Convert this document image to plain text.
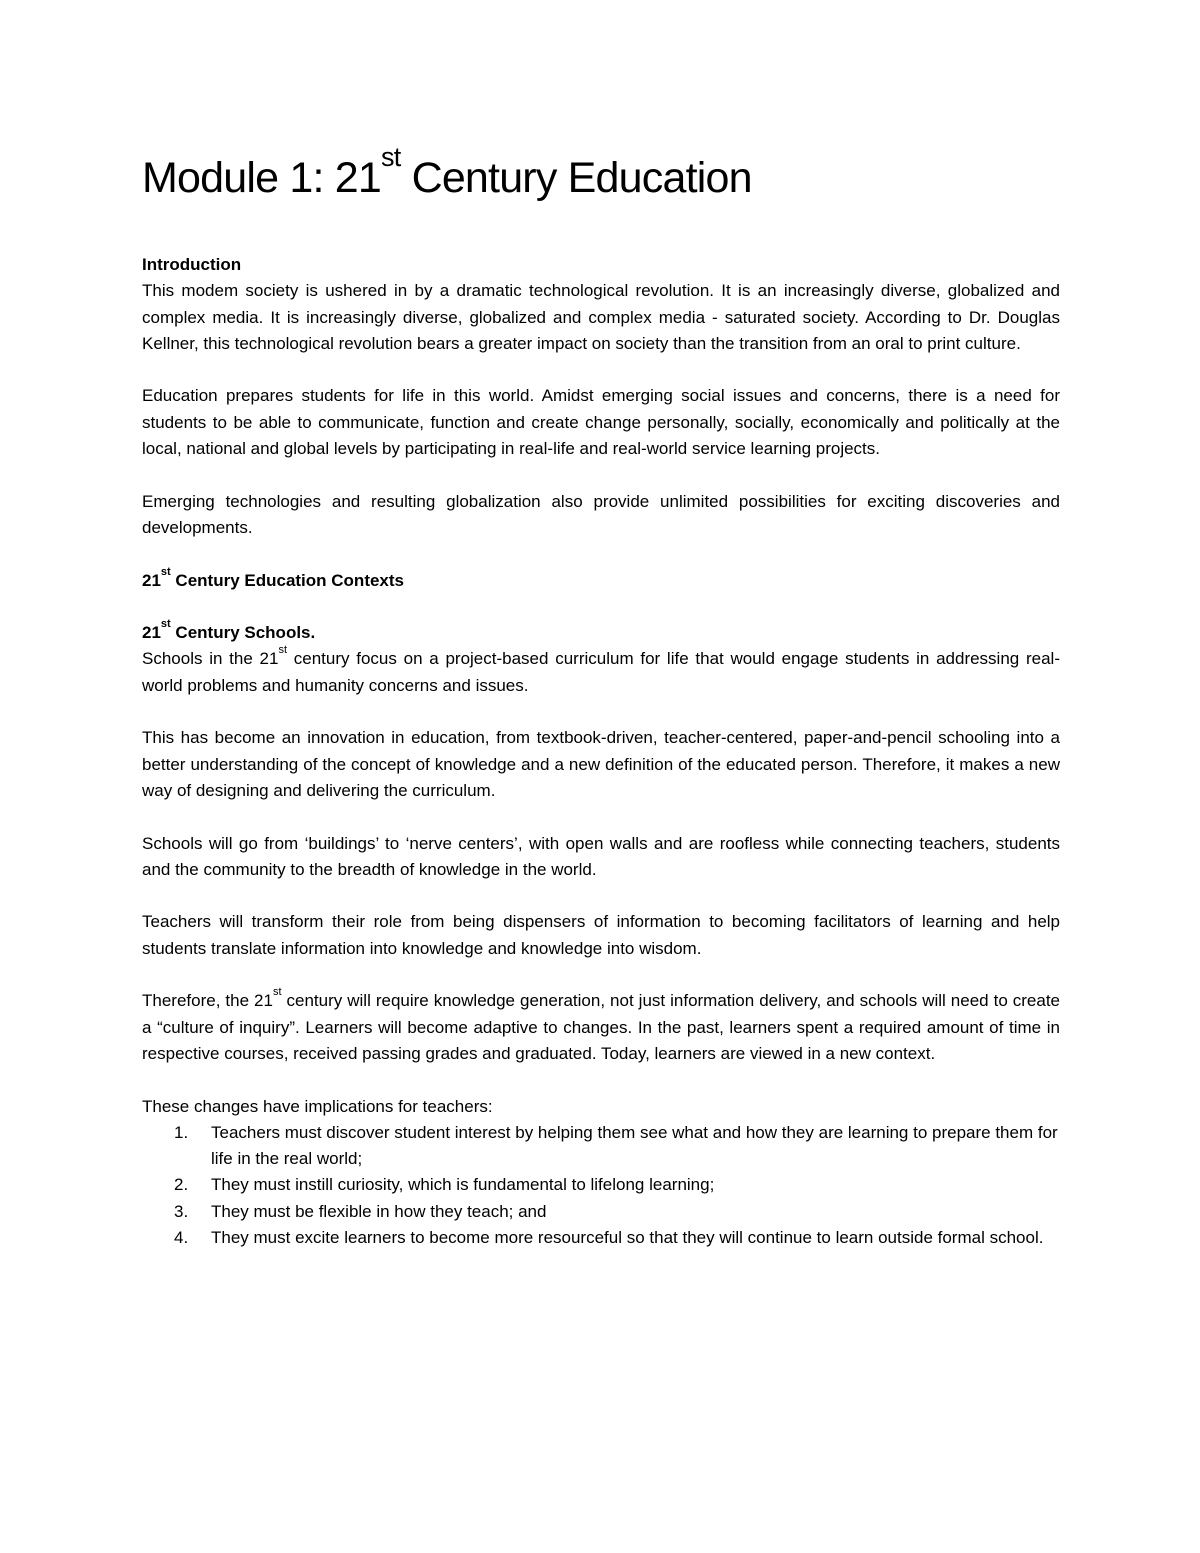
Module 1: 21st Century Education
Introduction

This modem society is ushered in by a dramatic technological revolution. It is an increasingly diverse, globalized and complex media. It is increasingly diverse, globalized and complex media - saturated society. According to Dr. Douglas Kellner, this technological revolution bears a greater impact on society than the transition from an oral to print culture.

Education prepares students for life in this world. Amidst emerging social issues and concerns, there is a need for students to be able to communicate, function and create change personally, socially, economically and politically at the local, national and global levels by participating in real-life and real-world service learning projects.

Emerging technologies and resulting globalization also provide unlimited possibilities for exciting discoveries and developments.

21st Century Education Contexts
21st Century Schools.

Schools in the 21st century focus on a project-based curriculum for life that would engage students in addressing real-world problems and humanity concerns and issues.

This has become an innovation in education, from textbook-driven, teacher-centered, paper-and-pencil schooling into a better understanding of the concept of knowledge and a new definition of the educated person. Therefore, it makes a new way of designing and delivering the curriculum.

Schools will go from ‘buildings’ to ‘nerve centers’, with open walls and are roofless while connecting teachers, students and the community to the breadth of knowledge in the world.

Teachers will transform their role from being dispensers of information to becoming facilitators of learning and help students translate information into knowledge and knowledge into wisdom.

Therefore, the 21st century will require knowledge generation, not just information delivery, and schools will need to create a “culture of inquiry”. Learners will become adaptive to changes. In the past, learners spent a required amount of time in respective courses, received passing grades and graduated. Today, learners are viewed in a new context.

These changes have implications for teachers:

1. Teachers must discover student interest by helping them see what and how they are learning to prepare them for life in the real world;
2. They must instill curiosity, which is fundamental to lifelong learning;
3. They must be flexible in how they teach; and
4. They must excite learners to become more resourceful so that they will continue to learn outside formal school.
